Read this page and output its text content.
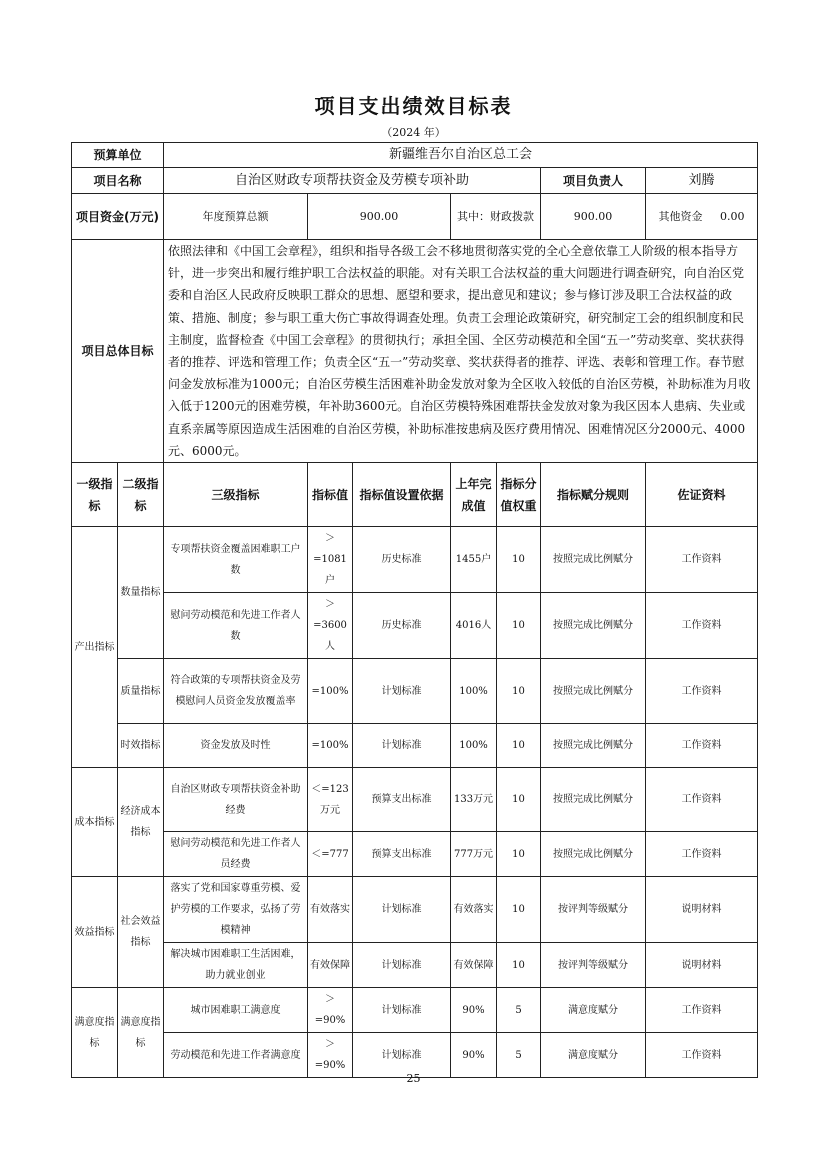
项目支出绩效目标表
（2024 年）
预算单位		新疆维吾尔自治区总工会						
项目名称		自治区财政专项帮扶资金及劳模专项补助					项目负责人	刘腾
项目资金(万元)		年度预算总额	900.00		其中：财政拨款		900.00	其他资金 0.00
项目总体目标		依照法律和《中国工会章程》，组织和指导各级工会不移地贯彻落实党的全心全意依靠工人阶级的根本指导方针，进一步突出和履行维护职工合法权益的职能。对有关职工合法权益的重大问题进行调查研究，向自治区党委和自治区人民政府反映职工群众的思想、愿望和要求，提出意见和建议；参与修订涉及职工合法权益的政策、措施、制度；参与职工重大伤亡事故得调查处理。负责工会理论政策研究，研究制定工会的组织制度和民主制度，监督检查《中国工会章程》的贯彻执行；承担全国、全区劳动模范和全国“五一”劳动奖章、奖状获得者的推荐、评选和管理工作；负责全区“五一”劳动奖章、奖状获得者的推荐、评选、表彰和管理工作。春节慰问金发放标准为1000元；自治区劳模生活困难补助金发放对象为全区收入较低的自治区劳模，补助标准为月收入低于1200元的困难劳模，年补助3600元。自治区劳模特殊困难帮扶金发放对象为我区因本人患病、失业或直系亲属等原因造成生活困难的自治区劳模，补助标准按患病及医疗费用情况、困难情况区分2000元、4000元、6000元。						
一级指标	二级指标	三级指标	指标值	指标值设置依据	上年完成值	指标分值权重	指标赋分规则	佐证资料
产出指标	数量指标	专项帮扶资金覆盖困难职工户数	＞=1081户	历史标准	1455户	10	按照完成比例赋分	工作资料
		慰问劳动模范和先进工作者人数	＞=3600人	历史标准	4016人	10	按照完成比例赋分	工作资料
	质量指标	符合政策的专项帮扶资金及劳模慰问人员资金发放覆盖率	=100%	计划标准	100%	10	按照完成比例赋分	工作资料
	时效指标	资金发放及时性	=100%	计划标准	100%	10	按照完成比例赋分	工作资料
成本指标	经济成本指标	自治区财政专项帮扶资金补助经费	＜=123万元	预算支出标准	133万元	10	按照完成比例赋分	工作资料
		慰问劳动模范和先进工作者人员经费	＜=777	预算支出标准	777万元	10	按照完成比例赋分	工作资料
效益指标	社会效益指标	落实了党和国家尊重劳模、爱护劳模的工作要求，弘扬了劳模精神	有效落实	计划标准	有效落实	10	按评判等级赋分	说明材料
		解决城市困难职工生活困难，助力就业创业	有效保障	计划标准	有效保障	10	按评判等级赋分	说明材料
满意度指标	满意度指标	城市困难职工满意度	＞=90%	计划标准	90%	5	满意度赋分	工作资料
		劳动模范和先进工作者满意度	＞=90%	计划标准	90%	5	满意度赋分	工作资料
25
